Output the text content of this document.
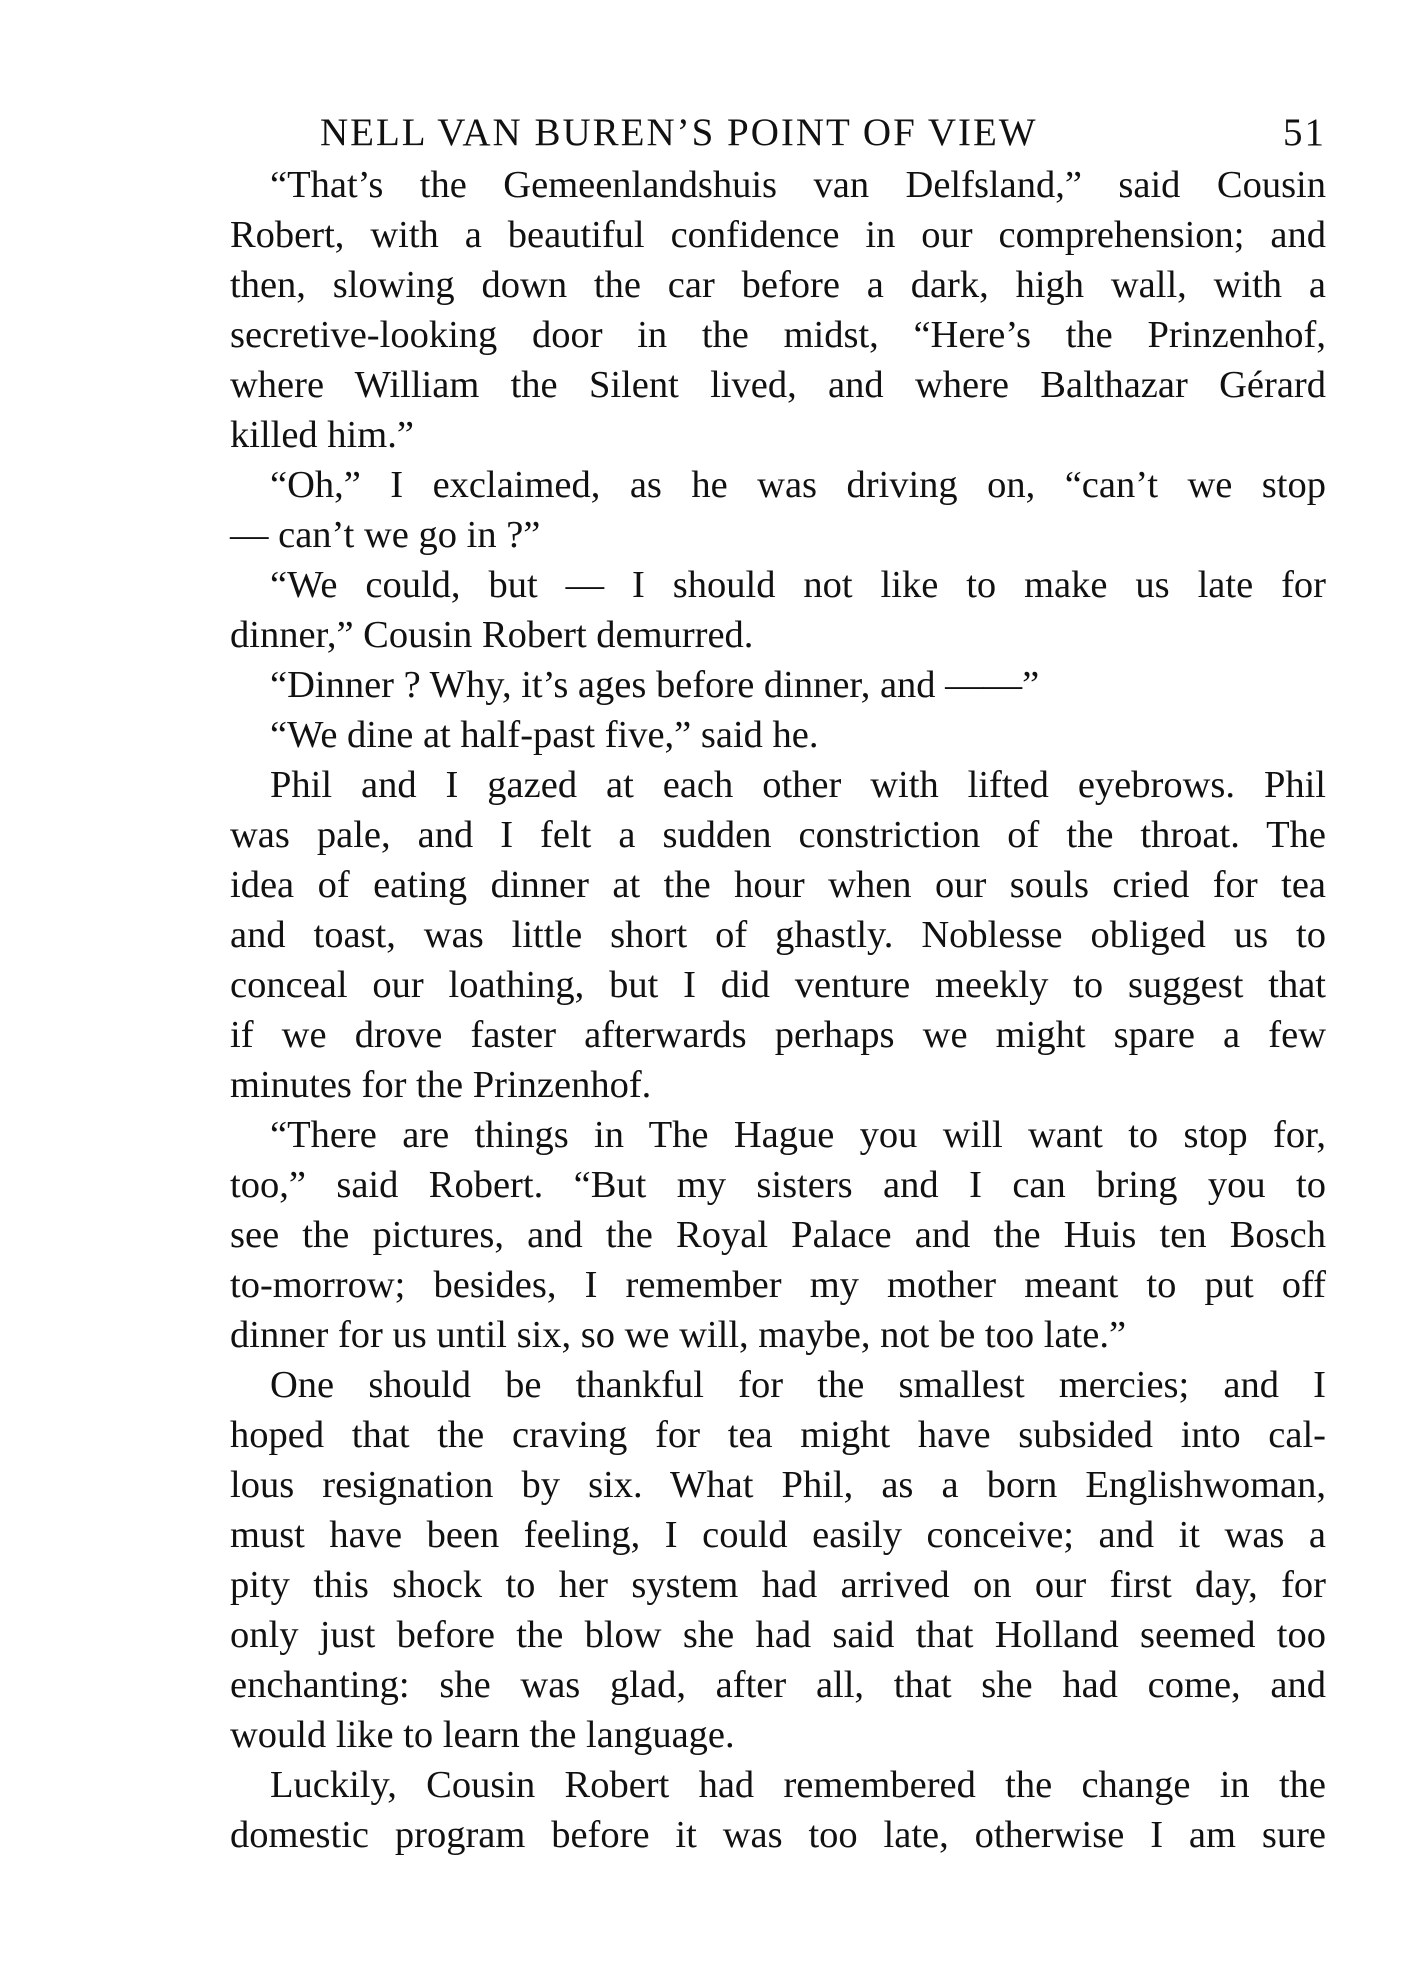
NELL VAN BUREN’S POINT OF VIEW	51
“That’s the Gemeenlandshuis van Delfsland,” said Cousin
Robert, with a beautiful confidence in our comprehension; and
then, slowing down the car before a dark, high wall, with a
secretive-looking door in the midst, “Here’s the Prinzenhof,
where William the Silent lived, and where Balthazar Gérard
killed him.”
“Oh,” I exclaimed, as he was driving on, “can’t we stop
— can’t we go in ?”
“We could, but — I should not like to make us late for
dinner,” Cousin Robert demurred.
“Dinner ? Why, it’s ages before dinner, and ——”
“We dine at half-past five,” said he.
Phil and I gazed at each other with lifted eyebrows. Phil
was pale, and I felt a sudden constriction of the throat. The
idea of eating dinner at the hour when our souls cried for tea
and toast, was little short of ghastly. Noblesse obliged us to
conceal our loathing, but I did venture meekly to suggest that
if we drove faster afterwards perhaps we might spare a few
minutes for the Prinzenhof.
“There are things in The Hague you will want to stop for,
too,” said Robert. “But my sisters and I can bring you to
see the pictures, and the Royal Palace and the Huis ten Bosch
to-morrow; besides, I remember my mother meant to put off
dinner for us until six, so we will, maybe, not be too late.”
One should be thankful for the smallest mercies; and I
hoped that the craving for tea might have subsided into cal-
lous resignation by six. What Phil, as a born Englishwoman,
must have been feeling, I could easily conceive; and it was a
pity this shock to her system had arrived on our first day, for
only just before the blow she had said that Holland seemed too
enchanting: she was glad, after all, that she had come, and
would like to learn the language.
Luckily, Cousin Robert had remembered the change in the
domestic program before it was too late, otherwise I am sure
